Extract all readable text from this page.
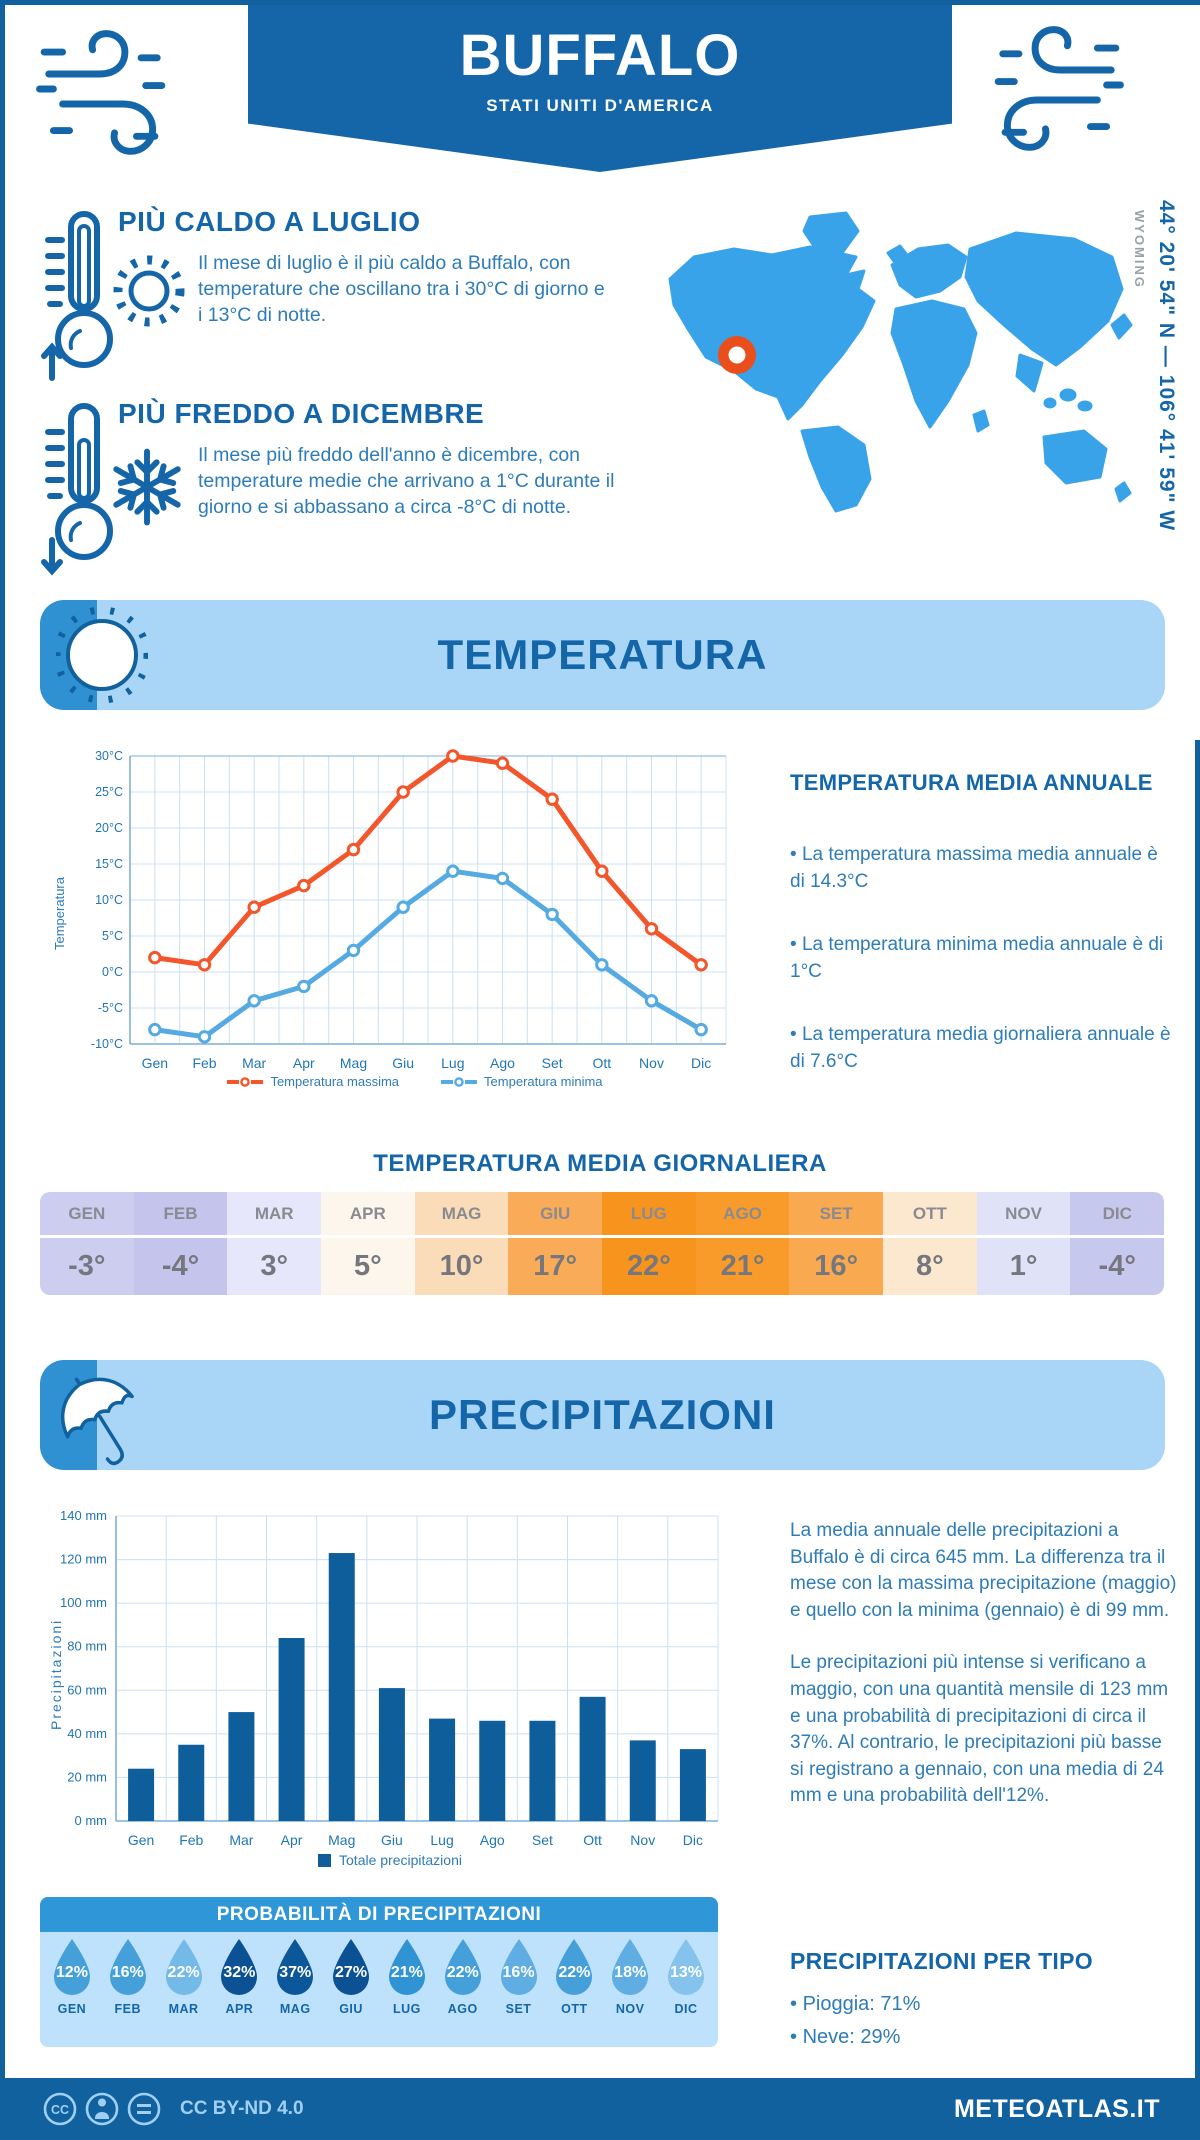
BUFFALO
STATI UNITI D'AMERICA
PIÙ CALDO A LUGLIO
Il mese di luglio è il più caldo a Buffalo, con temperature che oscillano tra i 30°C di giorno e i 13°C di notte.
PIÙ FREDDO A DICEMBRE
Il mese più freddo dell'anno è dicembre, con temperature medie che arrivano a 1°C durante il giorno e si abbassano a circa -8°C di notte.	44° 20' 54" N — 106° 41' 59" W
WYOMING
TEMPERATURA
Temperatura
30°C
25°C
20°C
15°C
10°C
5°C
0°C
-5°C
-10°C
Gen Feb Mar Apr Mag Giu Lug Ago Set Ott Nov Dic
Temperatura massima	Temperatura minima
TEMPERATURA MEDIA ANNUALE
• La temperatura massima media annuale è di 14.3°C
• La temperatura minima media annuale è di 1°C
• La temperatura media giornaliera annuale è di 7.6°C
TEMPERATURA MEDIA GIORNALIERA
GEN
-3°
FEB
-4°
MAR
3°
APR
5°
MAG
10°
GIU
17°
LUG
22°
AGO
21°
SET
16°
OTT
8°
NOV
1°
DIC
-4°
PRECIPITAZIONI
Precipitazioni
0 mm
20 mm
40 mm
60 mm
80 mm
100 mm
120 mm
140 mm
Gen Feb Mar Apr Mag Giu Lug Ago Set Ott Nov Dic
Totale precipitazioni

La media annuale delle precipitazioni a Buffalo è di circa 645 mm. La differenza tra il mese con la massima precipitazione (maggio) e quello con la minima (gennaio) è di 99 mm.

Le precipitazioni più intense si verificano a maggio, con una quantità mensile di 123 mm e una probabilità di precipitazioni di circa il 37%. Al contrario, le precipitazioni più basse si registrano a gennaio, con una media di 24 mm e una probabilità dell'12%.

PROBABILITÀ DI PRECIPITAZIONI
12%
GEN
16%
FEB
22%
MAR
32%
APR
37%
MAG
27%
GIU
21%
LUG
22%
AGO
16%
SET
22%
OTT
18%
NOV
13%
DIC
PRECIPITAZIONI PER TIPO
• Pioggia: 71%
• Neve: 29%
CC	CC BY-ND 4.0	METEOATLAS.IT
